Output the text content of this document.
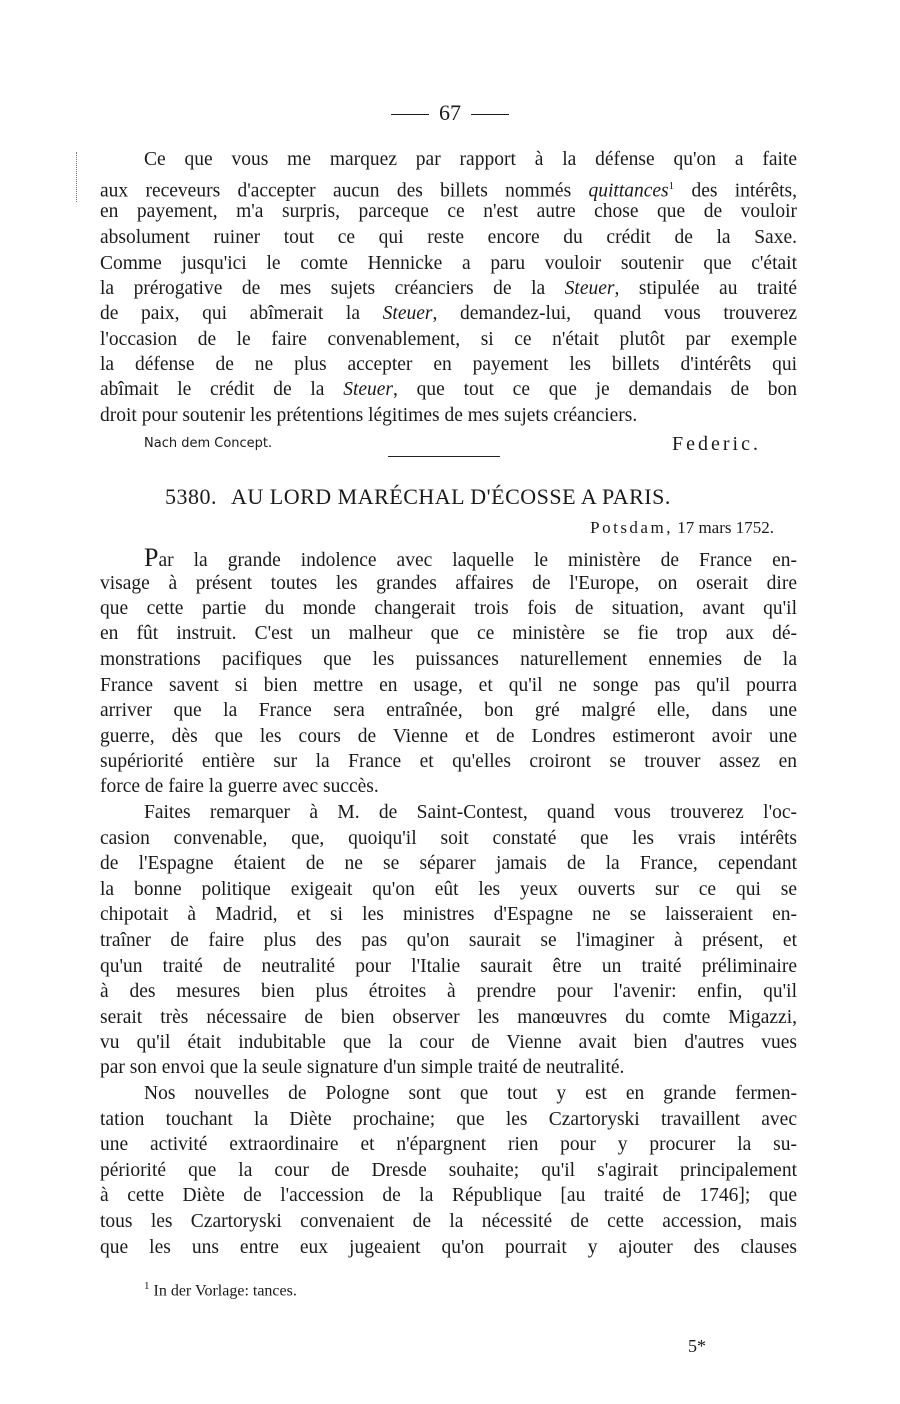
67
Ce que vous me marquez par rapport à la défense qu'on a faite
aux receveurs d'accepter aucun des billets nommés quittances$^1$ des intérêts,
en payement, m'a surpris, parceque ce n'est autre chose que de vouloir
absolument ruiner tout ce qui reste encore du crédit de la Saxe.
Comme jusqu'ici le comte Hennicke a paru vouloir soutenir que c'était
la prérogative de mes sujets créanciers de la Steuer, stipulée au traité
de paix, qui abîmerait la Steuer, demandez-lui, quand vous trouverez
l'occasion de le faire convenablement, si ce n'était plutôt par exemple
la défense de ne plus accepter en payement les billets d'intérêts qui
abîmait le crédit de la Steuer, que tout ce que je demandais de bon
droit pour soutenir les prétentions légitimes de mes sujets créanciers.
Nach dem Concept.	Federic.
5380. AU LORD MARÉCHAL D'ÉCOSSE A PARIS.
Potsdam, 17 mars 1752.
Par la grande indolence avec laquelle le ministère de France en-
visage à présent toutes les grandes affaires de l'Europe, on oserait dire
que cette partie du monde changerait trois fois de situation, avant qu'il
en fût instruit. C'est un malheur que ce ministère se fie trop aux dé-
monstrations pacifiques que les puissances naturellement ennemies de la
France savent si bien mettre en usage, et qu'il ne songe pas qu'il pourra
arriver que la France sera entraînée, bon gré malgré elle, dans une
guerre, dès que les cours de Vienne et de Londres estimeront avoir une
supériorité entière sur la France et qu'elles croiront se trouver assez en
force de faire la guerre avec succès.
Faites remarquer à M. de Saint-Contest, quand vous trouverez l'oc-
casion convenable, que, quoiqu'il soit constaté que les vrais intérêts
de l'Espagne étaient de ne se séparer jamais de la France, cependant
la bonne politique exigeait qu'on eût les yeux ouverts sur ce qui se
chipotait à Madrid, et si les ministres d'Espagne ne se laisseraient en-
traîner de faire plus des pas qu'on saurait se l'imaginer à présent, et
qu'un traité de neutralité pour l'Italie saurait être un traité préliminaire
à des mesures bien plus étroites à prendre pour l'avenir: enfin, qu'il
serait très nécessaire de bien observer les manœuvres du comte Migazzi,
vu qu'il était indubitable que la cour de Vienne avait bien d'autres vues
par son envoi que la seule signature d'un simple traité de neutralité.
Nos nouvelles de Pologne sont que tout y est en grande fermen-
tation touchant la Diète prochaine; que les Czartoryski travaillent avec
une activité extraordinaire et n'épargnent rien pour y procurer la su-
périorité que la cour de Dresde souhaite; qu'il s'agirait principalement
à cette Diète de l'accession de la République [au traité de 1746]; que
tous les Czartoryski convenaient de la nécessité de cette accession, mais
que les uns entre eux jugeaient qu'on pourrait y ajouter des clauses
$^1$ In der Vorlage: tances.
5*
